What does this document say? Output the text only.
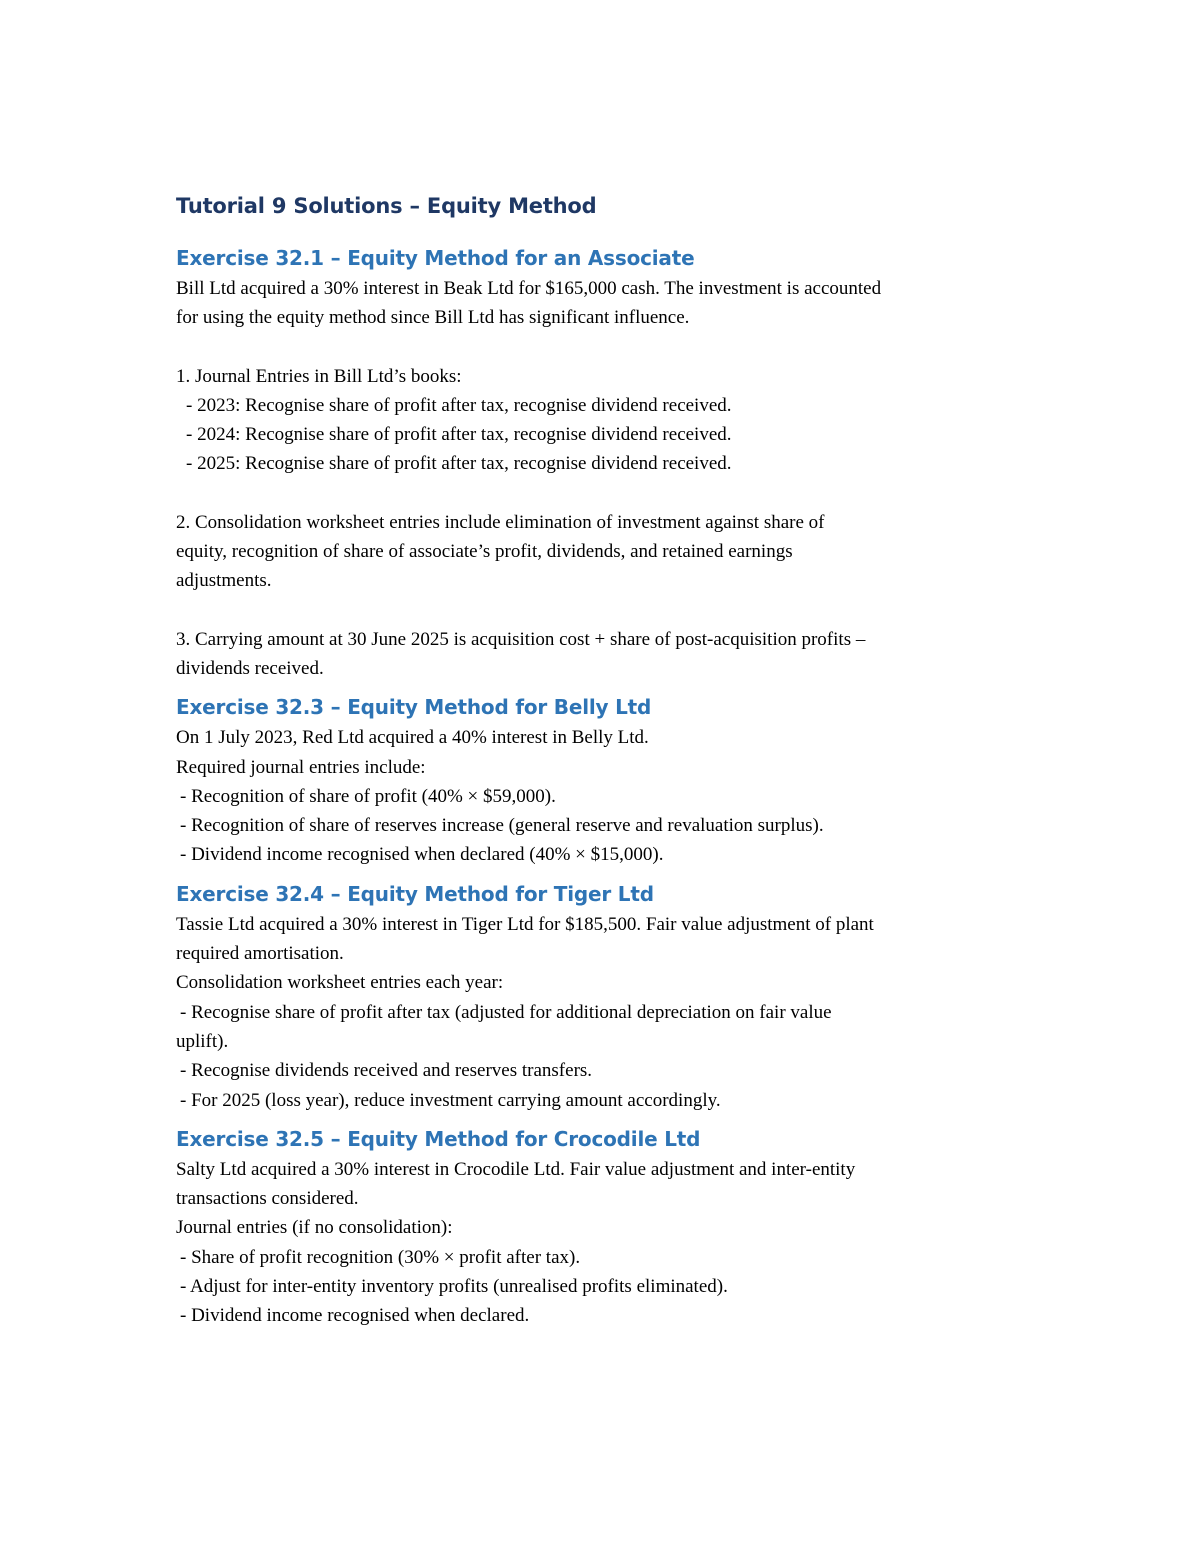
Tutorial 9 Solutions – Equity Method
Exercise 32.1 – Equity Method for an Associate
Bill Ltd acquired a 30% interest in Beak Ltd for $165,000 cash. The investment is accounted
for using the equity method since Bill Ltd has significant influence.
1. Journal Entries in Bill Ltd’s books:
- 2023: Recognise share of profit after tax, recognise dividend received.
- 2024: Recognise share of profit after tax, recognise dividend received.
- 2025: Recognise share of profit after tax, recognise dividend received.
2. Consolidation worksheet entries include elimination of investment against share of
equity, recognition of share of associate’s profit, dividends, and retained earnings
adjustments.
3. Carrying amount at 30 June 2025 is acquisition cost + share of post-acquisition profits –
dividends received.
Exercise 32.3 – Equity Method for Belly Ltd
On 1 July 2023, Red Ltd acquired a 40% interest in Belly Ltd.
Required journal entries include:
- Recognition of share of profit (40% × $59,000).
- Recognition of share of reserves increase (general reserve and revaluation surplus).
- Dividend income recognised when declared (40% × $15,000).
Exercise 32.4 – Equity Method for Tiger Ltd
Tassie Ltd acquired a 30% interest in Tiger Ltd for $185,500. Fair value adjustment of plant
required amortisation.
Consolidation worksheet entries each year:
- Recognise share of profit after tax (adjusted for additional depreciation on fair value
uplift).
- Recognise dividends received and reserves transfers.
- For 2025 (loss year), reduce investment carrying amount accordingly.
Exercise 32.5 – Equity Method for Crocodile Ltd
Salty Ltd acquired a 30% interest in Crocodile Ltd. Fair value adjustment and inter-entity
transactions considered.
Journal entries (if no consolidation):
- Share of profit recognition (30% × profit after tax).
- Adjust for inter-entity inventory profits (unrealised profits eliminated).
- Dividend income recognised when declared.
